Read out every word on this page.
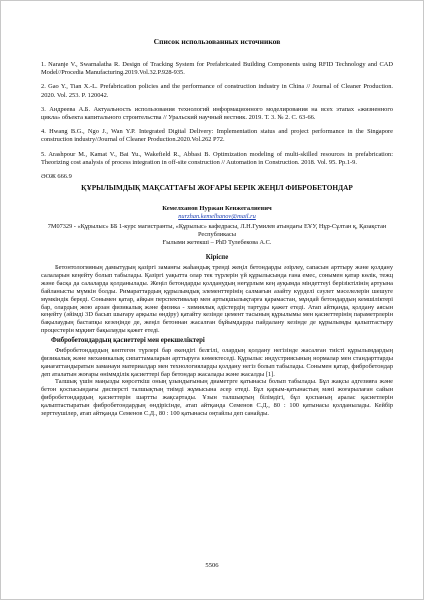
Список использованных источников

1. Naranje V., Swarnalatha R. Design of Tracking System for Prefabricated Building Components using RFID Technology and CAD Model//Procedia Manufacturing.2019.Vol.32.P.928-935.

2. Gao Y., Tian X.-L. Prefabrication policies and the performance of construction industry in China // Journal of Cleaner Production. 2020. Vol. 253. P. 120042.

3. Андреева А.Б. Актуальность использования технологий информационного моделирования на всех этапах «жизненного цикла» объекта капитального строительства // Уральский научный вестник. 2019. Т. 3. № 2. С. 63-66.

4. Hwang B.G., Ngo J., Wan Y.P. Integrated Digital Delivery: Implementation status and project performance in the Singapore construction industry//Journal of Cleaner Production.2020.Vol.262 P72.

5. Arashpour M., Kamat V., Bai Yu., Wakefield R., Abbasi B. Optimization modeling of multi-skilled resources in prefabrication: Theorizing cost analysis of process integration in off-site construction // Automation in Construction. 2018. Vol. 95. Pp.1-9.

ӘОЖ 666.9
ҚҰРЫЛЫМДЫҚ МАҚСАТТАҒЫ ЖОҒАРЫ БЕРІК ЖЕҢІЛ ФИБРОБЕТОНДАР
Кемелханов Нуржан Кенжегалиевич
nurzhan.kemelhanov@mail.ru
7M07329 - «Құрылыс» ББ 1-курс магистранты, «Құрылыс» кафедрасы, Л.Н.Гумилев атындағы ЕҰУ, Нұр-Сұлтан қ, Қазақстан Республикасы
Ғылыми жетекші – PhD Тулебекова А.С.
Кіріспе

Бетонтологияның дамытудың қазіргі заманғы жаһандық тренді жеңіл бетондарды әзірлеу, сапасын арттыру және қолдану салаларын кеңейту болып табылады. Қазіргі уақытта олар тек түрлерін үй құрылысында ғана емес, сонымен қатар көлік, тежц және басқа да салаларда қолданылады. Жеңіл бетондарды қолданудың неғұрлым кең ауқымда міндеттеуі берізіктілінің артуына байланысты мүмкін болды. Римараттардың құрылымдық элементтерінің салмағын азайту күрделі сәулет мәселелерін шешуге мүмкіндік береді. Сонымен қатар, айқын перспективалар мен артықшылықтарға қарамастан, мұндай бетондардың кемшіліктері бар, олардың жою арзан физикалық және физика - химиялық әдістердің тартуды қажет етеді. Атап айтқанда, қолдану аясын кеңейту (әйімді 3D басып шығару арқылы өндіру) қатайту кезінде цемент тасының құрылымы мен қасиеттерінің параметрлерін бақылаудың бастапқы кезеңінде де, жеңіл бетоннан жасалған бұйымдарды пайдалану кезінде де құрылымды қалыптастыру процестерін мұқият бақылауды қажет етеді.

Фибробетондардың қасиеттері мен ерекшеліктері

Фибробетондардың көптеген түрлері бар екендігі белгілі, олардың қолдану негізінде жасалған тиісті құрылымдардың физикалық және механикалық сипаттамаларын арттыруға көмектеседі. Құрылыс индустриясының нормалар мен стандарттарды қанағаттандыратын заманауи материалдар мен технологияларды қолдану негіз болып табылады. Сонымен қатар, фибробетондар деп аталатын жоғары өніммділік қасиеттері бар бетондар жасалады және жасалды [1].

Талшық үшін маңызды көрсеткіш оның ұзындығының диаметрге қатынасы болып табылады. Бұл жақсы адгезияға және бетон қоспасындағы дисперсті талшықтың тиімді жұмысына әсер етеді. Бұл қарым-қатынастың мәні жоғарылаған сайын фибробетондардың қасиеттерін шартты жақсартады. Ұзын талшықтың білімдігі, бұл қоспаның аралас қасиетлерін қалыптастыратын фибробетондардың өндірісінде, атап айтқанда Семенов С.Д., 80 : 100 қатынасы қолданылады. Кейбір зерттеушілер, атап айтқанда Семенов С.Д., 80 : 100 қатынасы оңтайлы деп санайды.

5506
